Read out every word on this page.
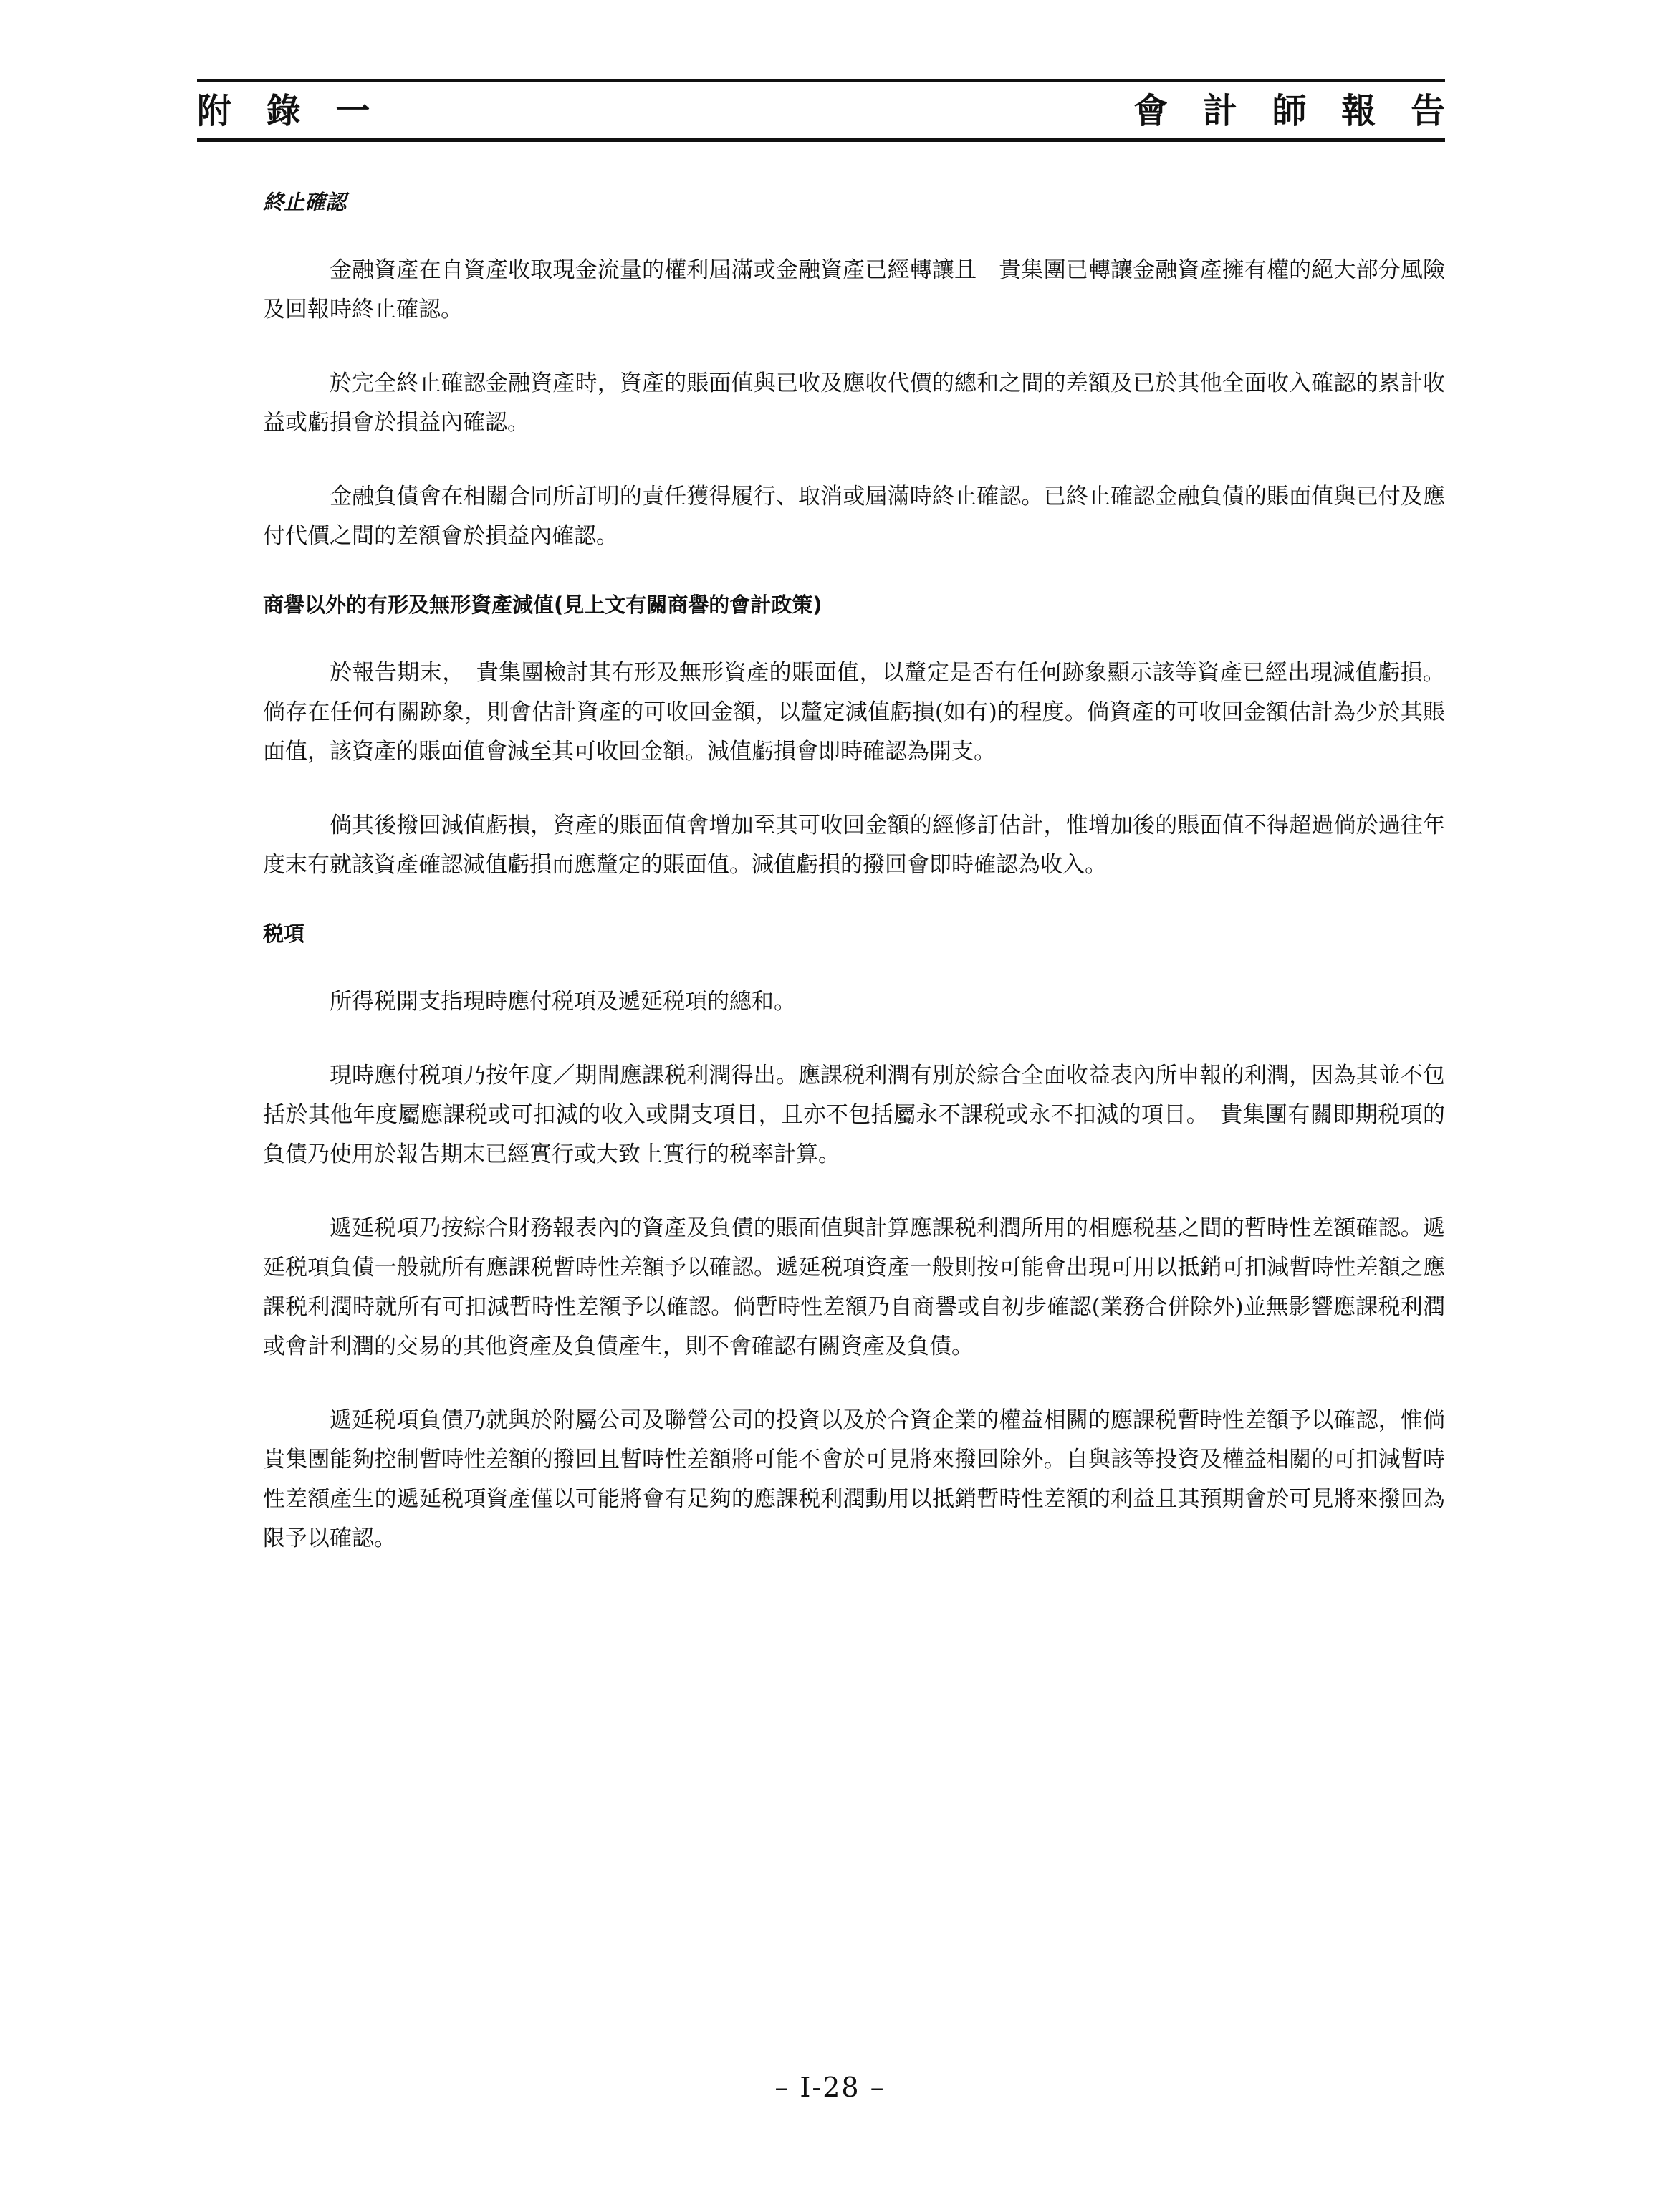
附 錄 一	會 計 師 報 告
終止確認

金融資產在自資產收取現金流量的權利屆滿或金融資產已經轉讓且　貴集團已轉讓金融資產擁有權的絕大部分風險及回報時終止確認。

於完全終止確認金融資產時，資產的賬面值與已收及應收代價的總和之間的差額及已於其他全面收入確認的累計收益或虧損會於損益內確認。

金融負債會在相關合同所訂明的責任獲得履行、取消或屆滿時終止確認。已終止確認金融負債的賬面值與已付及應付代價之間的差額會於損益內確認。

商譽以外的有形及無形資產減值(見上文有關商譽的會計政策)

於報告期末，　貴集團檢討其有形及無形資產的賬面值，以釐定是否有任何跡象顯示該等資產已經出現減值虧損。倘存在任何有關跡象，則會估計資產的可收回金額，以釐定減值虧損(如有)的程度。倘資產的可收回金額估計為少於其賬面值，該資產的賬面值會減至其可收回金額。減值虧損會即時確認為開支。

倘其後撥回減值虧損，資產的賬面值會增加至其可收回金額的經修訂估計，惟增加後的賬面值不得超過倘於過往年度末有就該資產確認減值虧損而應釐定的賬面值。減值虧損的撥回會即時確認為收入。

税項

所得税開支指現時應付税項及遞延税項的總和。

現時應付税項乃按年度／期間應課税利潤得出。應課税利潤有別於綜合全面收益表內所申報的利潤，因為其並不包括於其他年度屬應課税或可扣減的收入或開支項目，且亦不包括屬永不課税或永不扣減的項目。　貴集團有關即期税項的負債乃使用於報告期末已經實行或大致上實行的税率計算。

遞延税項乃按綜合財務報表內的資產及負債的賬面值與計算應課税利潤所用的相應税基之間的暫時性差額確認。遞延税項負債一般就所有應課税暫時性差額予以確認。遞延税項資產一般則按可能會出現可用以抵銷可扣減暫時性差額之應課税利潤時就所有可扣減暫時性差額予以確認。倘暫時性差額乃自商譽或自初步確認(業務合併除外)並無影響應課税利潤或會計利潤的交易的其他資產及負債產生，則不會確認有關資產及負債。

遞延税項負債乃就與於附屬公司及聯營公司的投資以及於合資企業的權益相關的應課税暫時性差額予以確認，惟倘　貴集團能夠控制暫時性差額的撥回且暫時性差額將可能不會於可見將來撥回除外。自與該等投資及權益相關的可扣減暫時性差額產生的遞延税項資產僅以可能將會有足夠的應課税利潤動用以抵銷暫時性差額的利益且其預期會於可見將來撥回為限予以確認。

– I-28 –
